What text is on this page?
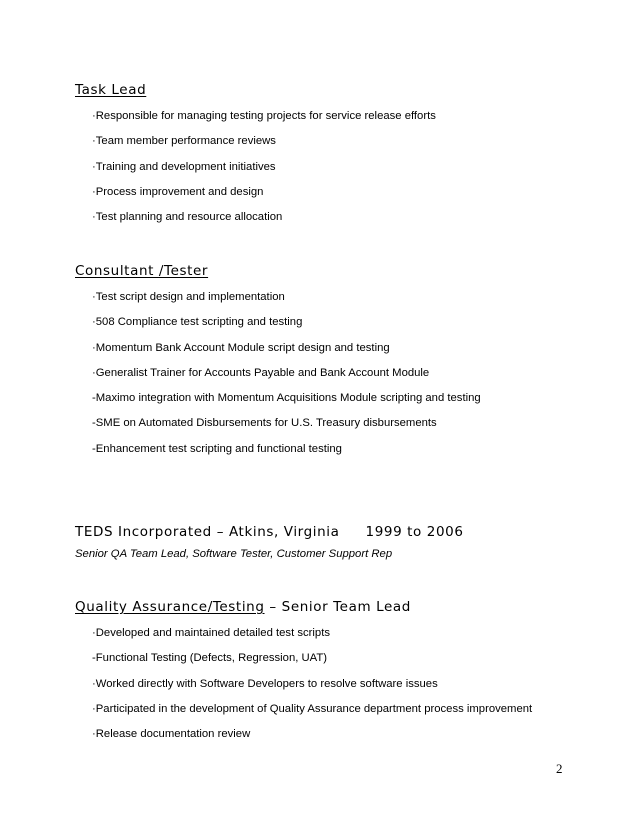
Task Lead
·Responsible for managing testing projects for service release efforts
·Team member performance reviews
·Training and development initiatives
·Process improvement and design
·Test planning and resource allocation
Consultant /Tester
·Test script design and implementation
·508 Compliance test scripting and testing
·Momentum Bank Account Module script design and testing
·Generalist Trainer for Accounts Payable and Bank Account Module
-Maximo integration with Momentum Acquisitions Module scripting and testing
-SME on Automated Disbursements for U.S. Treasury disbursements
-Enhancement test scripting and functional testing
TEDS Incorporated – Atkins, Virginia 1999 to 2006

Senior QA Team Lead, Software Tester, Customer Support Rep

Quality Assurance/Testing – Senior Team Lead
·Developed and maintained detailed test scripts
-Functional Testing (Defects, Regression, UAT)
·Worked directly with Software Developers to resolve software issues
·Participated in the development of Quality Assurance department process improvement
·Release documentation review
2
